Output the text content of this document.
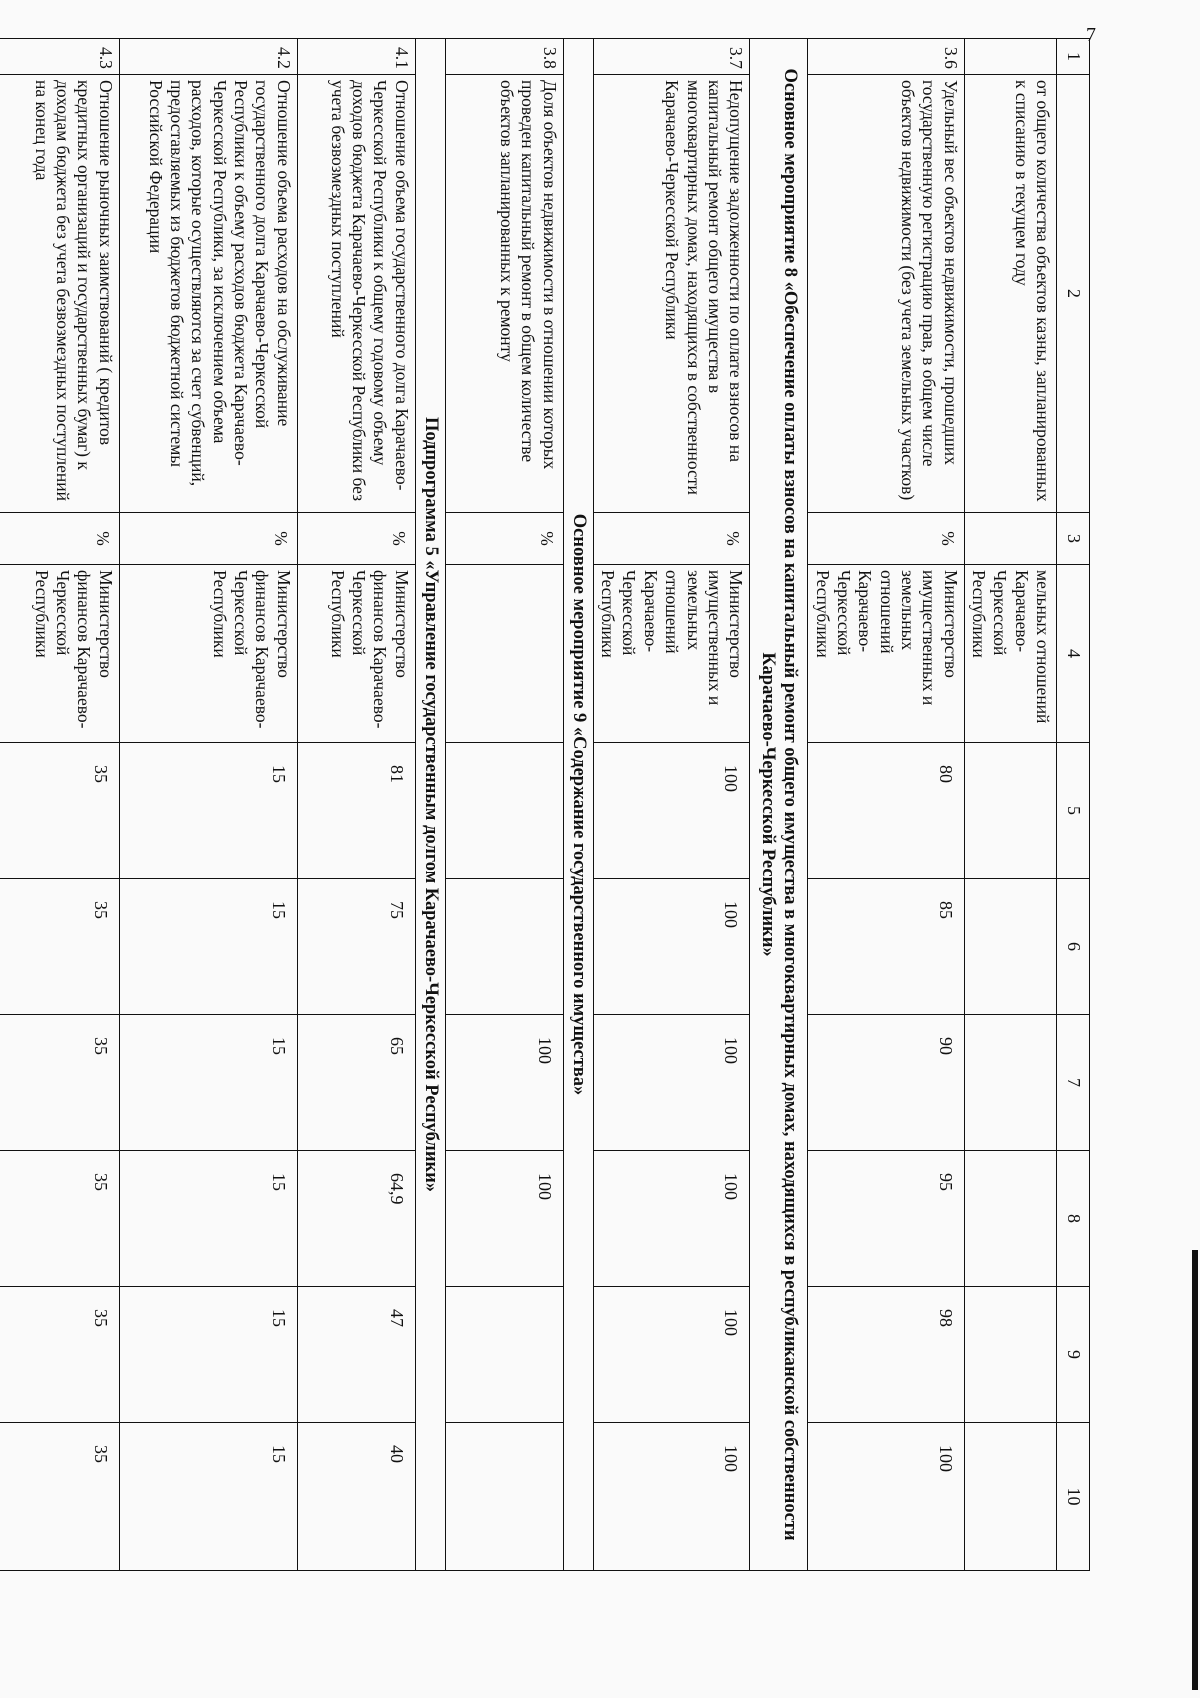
7
1	2	3	4	5	6	7	8	9	10
	от общего количества объектов казны, запланированных к списанию в текущем году		мельных отношений Карачаево- Черкесской Республики						
3.6	Удельный вес объектов недвижимости, прошедших государственную регистрацию прав, в общем числе объектов недвижимости (без учета земельных участков)	%	Министерство имущественных и земельных отношений Карачаево- Черкесской Республики	80	85	90	95	98	100
Основное мероприятие 8 «Обеспечение оплаты взносов на капитальный ремонт общего имущества в многоквартирных домах, находящихся в республиканской собственности Карачаево-Черкесской Республики»									
3.7	Недопущение задолженности по оплате взносов на капитальный ремонт общего имущества в многоквартирных домах, находящихся в собственности Карачаево-Черкесской Республики	%	Министерство имущественных и земельных отношений Карачаево- Черкесской Республики	100	100	100	100	100	100
Основное мероприятие 9 «Содержание государственного имущества»									
3.8	Доля объектов недвижимости в отношении которых проведен капитальный ремонт в общем количестве объектов запланированных к ремонту	%				100	100		
Подпрограмма 5 «Управление государственным долгом Карачаево-Черкесской Республики»									
4.1	Отношение объема государственного долга Карачаево-Черкесской Республики к общему годовому объему доходов бюджета Карачаево-Черкесской Республики без учета безвозмездных поступлений	%	Министерство финансов Карачаево-Черкесской Республики	81	75	65	64,9	47	40
4.2	Отношение объема расходов на обслуживание государственного долга Карачаево-Черкесской Республики к объему расходов бюджета Карачаево-Черкесской Республики, за исключением объема расходов, которые осуществляются за счет субвенций, предоставляемых из бюджетов бюджетной системы Российской Федерации	%	Министерство финансов Карачаево-Черкесской Республики	15	15	15	15	15	15
4.3	Отношение рыночных заимствований ( кредитов кредитных организаций и государственных бумаг) к доходам бюджета без учета безвозмездных поступлений на конец года	%	Министерство финансов Карачаево-Черкесской Республики	35	35	35	35	35	35
